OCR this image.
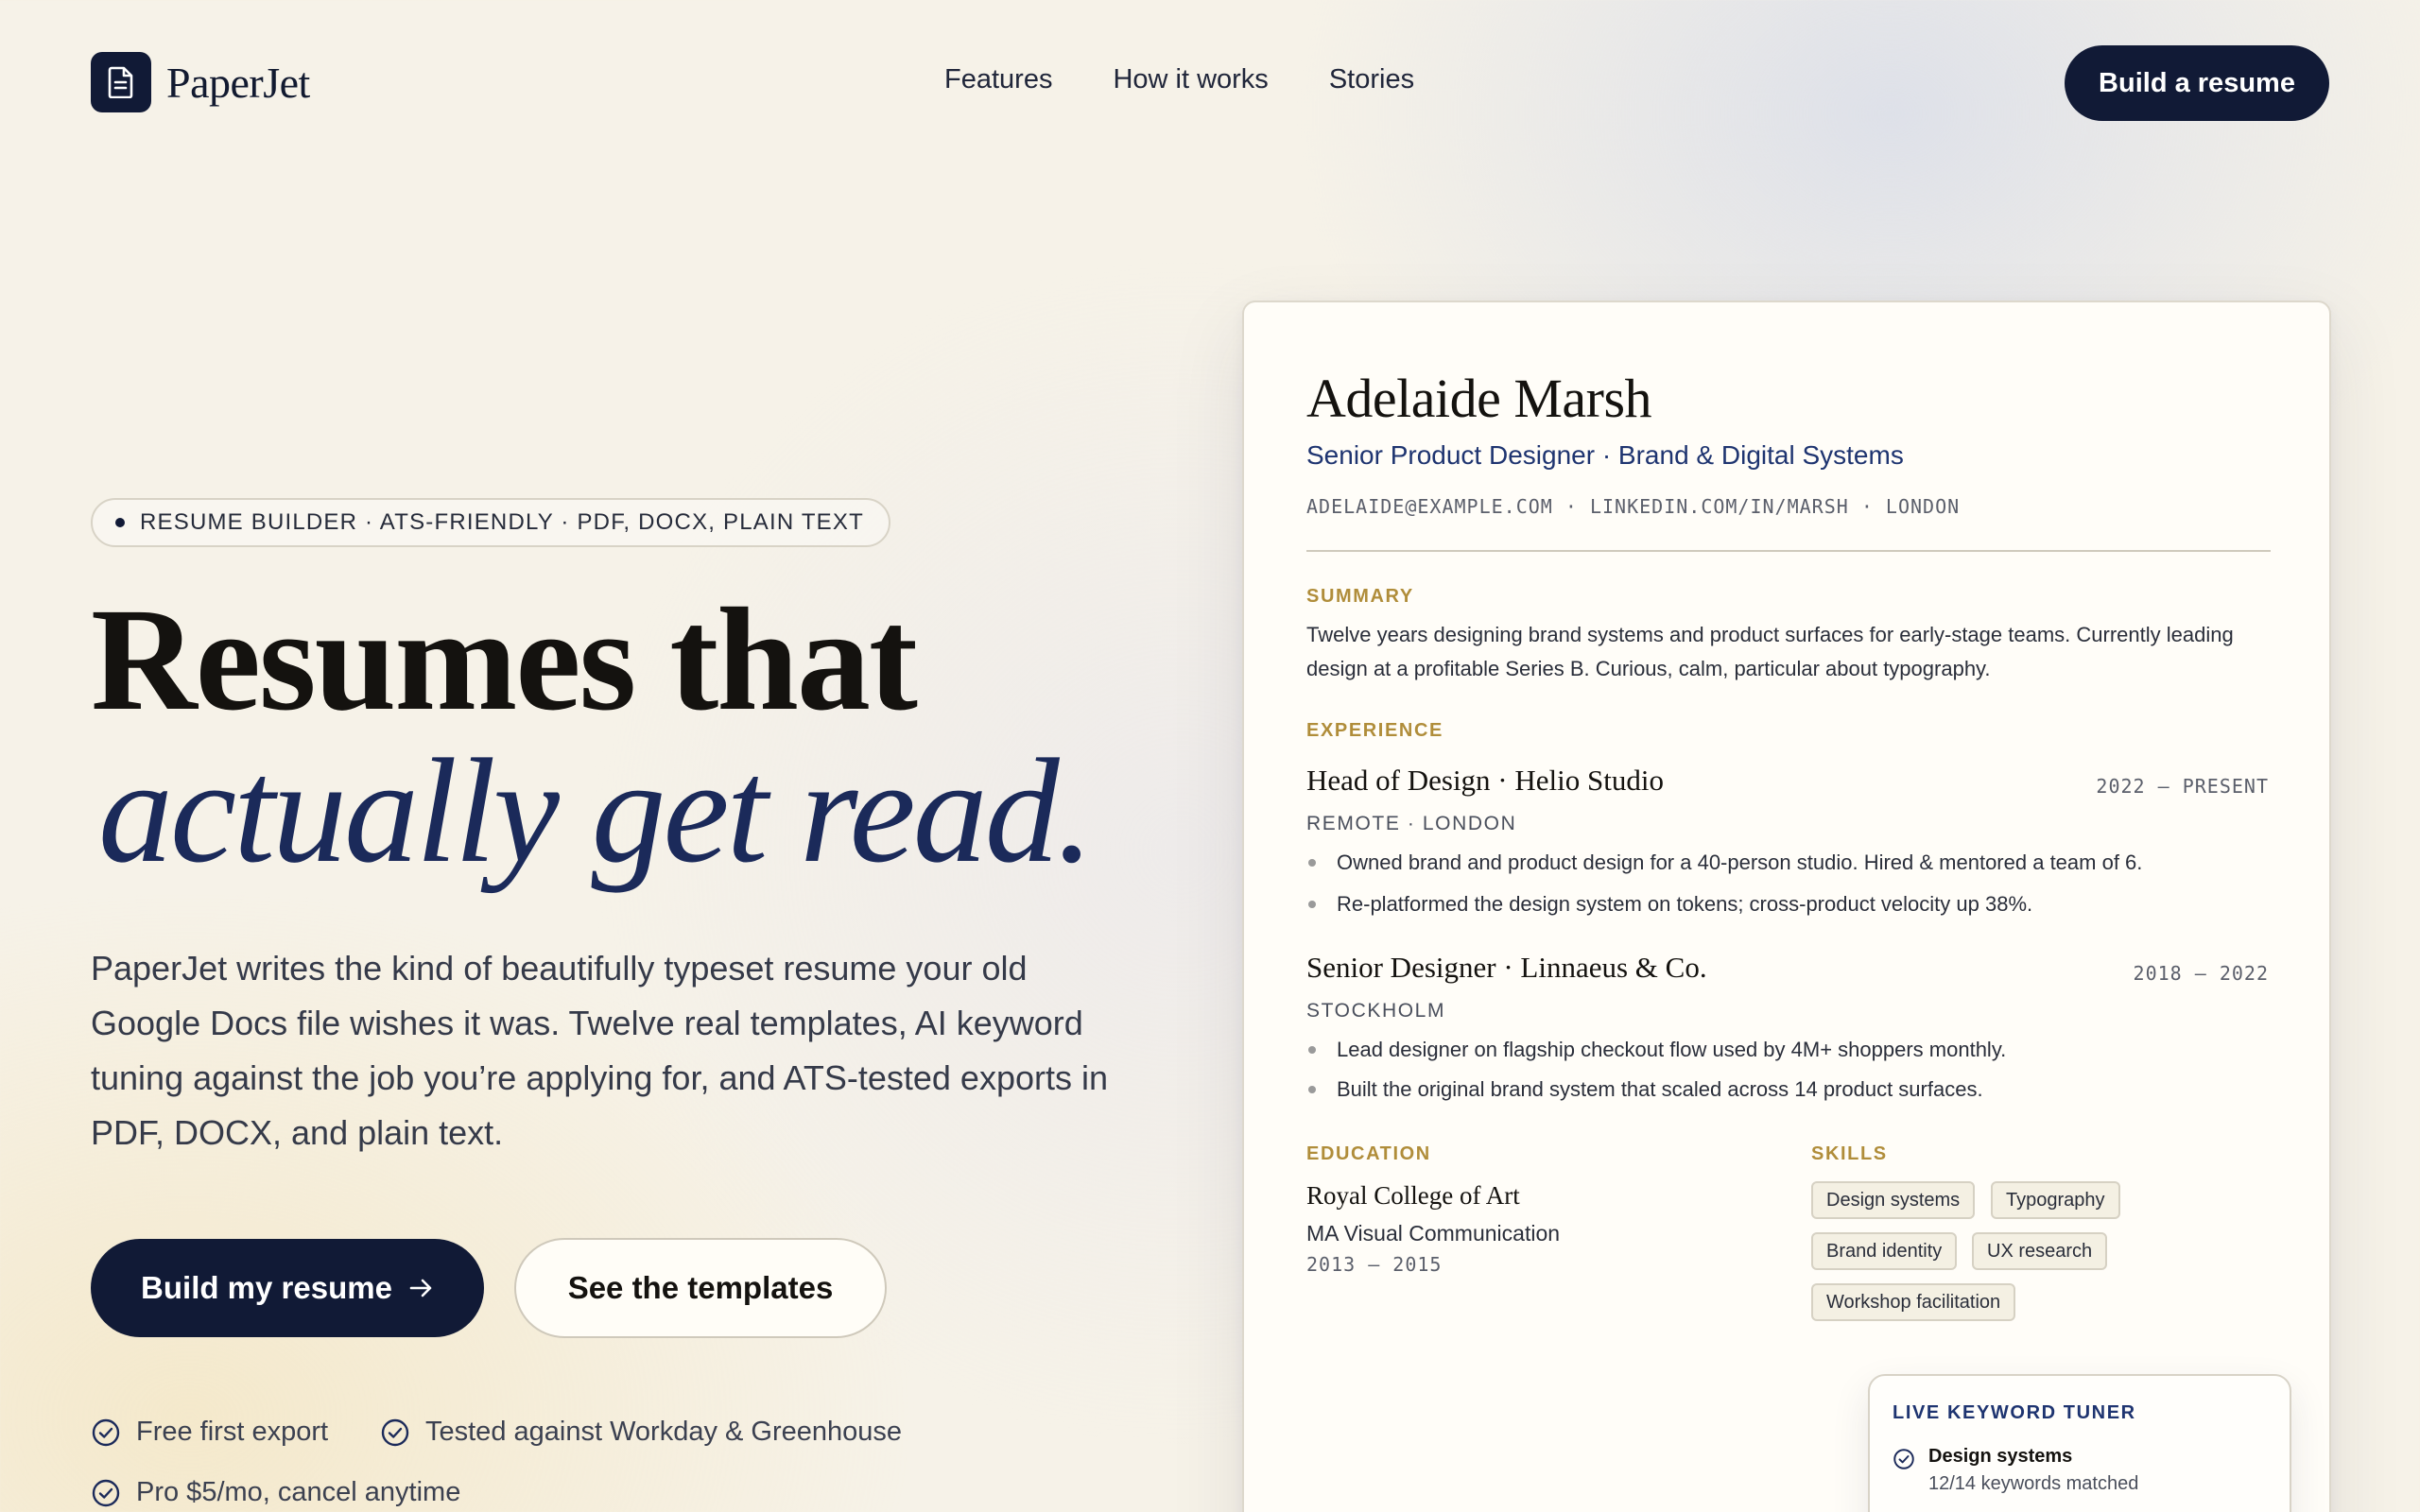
PaperJet	Features How it works Stories	Build a resume
RESUME BUILDER · ATS-FRIENDLY · PDF, DOCX, PLAIN TEXT
Resumes that
actually get read.

PaperJet writes the kind of beautifully typeset resume your old Google Docs file wishes it was. Twelve real templates, AI keyword tuning against the job you’re applying for, and ATS-tested exports in PDF, DOCX, and plain text.

Build my resume	See the templates
Free first export	Tested against Workday & Greenhouse
Pro $5/mo, cancel anytime
Adelaide Marsh
Senior Product Designer · Brand & Digital Systems
ADELAIDE@EXAMPLE.COM · LINKEDIN.COM/IN/MARSH · LONDON
SUMMARY
Twelve years designing brand systems and product surfaces for early-stage teams. Currently leading design at a profitable Series B. Curious, calm, particular about typography.
EXPERIENCE
Head of Design · Helio Studio	2022 – PRESENT
REMOTE · LONDON
Owned brand and product design for a 40-person studio. Hired & mentored a team of 6.
Re-platformed the design system on tokens; cross-product velocity up 38%.
Senior Designer · Linnaeus & Co.	2018 – 2022
STOCKHOLM
Lead designer on flagship checkout flow used by 4M+ shoppers monthly.
Built the original brand system that scaled across 14 product surfaces.
EDUCATION
Royal College of Art
MA Visual Communication
2013 – 2015
SKILLS
Design systems	Typography
Brand identity	UX research
Workshop facilitation
LIVE KEYWORD TUNER
Design systems
12/14 keywords matched
